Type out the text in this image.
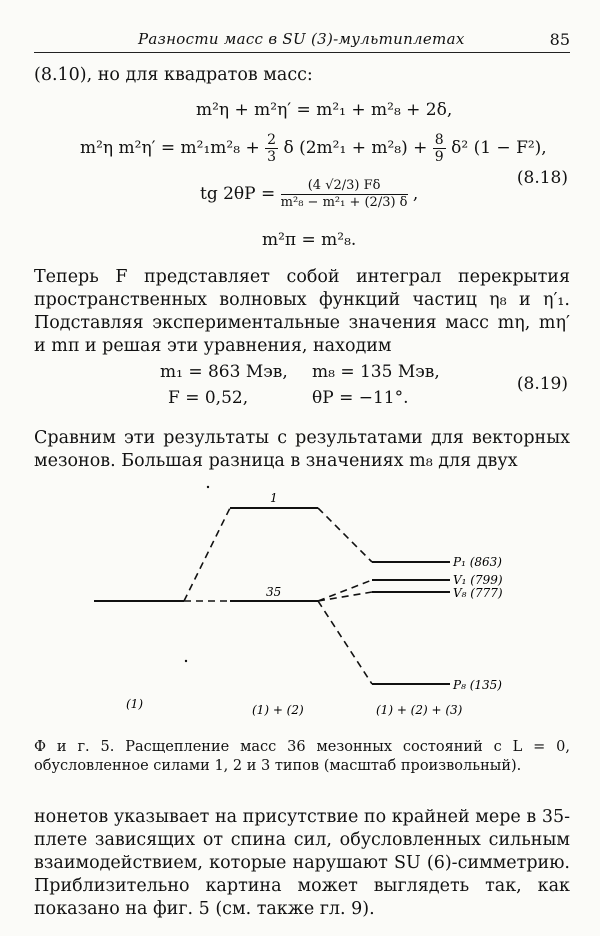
Разности масс в SU (3)-мультиплетах	85
(8.10), но для квадратов масс:
m²η + m²η′ = m²₁ + m²₈ + 2δ,
m²η $m^2\eta' = m^2_1m^2_8 + \frac{2}{3}$ δ $(2m^2_1 + m^2_8) + \frac{8}{9} \delta^2$ (1 − F²),
tg $2\theta P = \frac{(4 √2/3) F\delta}{\text{m²₈ − m²₁ + (2/3) δ}}$ ,
m²π = m²₈.
(8.18)
Теперь F представляет собой интеграл перекрытия пространственных волновых функций частиц η₈ и η′₁. Подставляя экспериментальные значения масс mη, mη′ и mπ и решая эти уравнения, находим
m₁ = 863 Мэв, m₈ = 135 Мэв,
F = 0,52,	θP = −11°.
(8.19)
Сравним эти результаты с результатами для векторных мезонов. Большая разница в значениях m₈ для двух
1
35
P₁ (863)
V₁ (799)
V₈ (777)
P₈ (135)
(1)	(1) + (2)	(1) + (2) + (3)
Ф и г. 5. Расщепление масс 36 мезонных состояний с L = 0, обусловленное силами 1, 2 и 3 типов (масштаб произвольный).
нонетов указывает на присутствие по крайней мере в 35-плете зависящих от спина сил, обусловленных сильным взаимодействием, которые нарушают SU (6)-симметрию. Приблизительно картина может выглядеть так, как показано на фиг. 5 (см. также гл. 9).
